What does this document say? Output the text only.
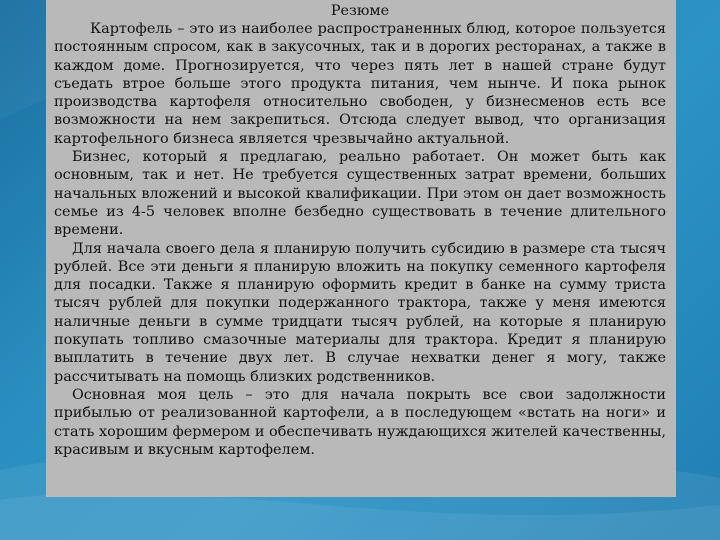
Резюме

Картофель – это из наиболее распространенных блюд, которое пользуется постоянным спросом, как в закусочных, так и в дорогих ресторанах, а также в каждом доме. Прогнозируется, что через пять лет в нашей стране будут съедать втрое больше этого продукта питания, чем нынче. И пока рынок производства картофеля относительно свободен, у бизнесменов есть все возможности на нем закрепиться. Отсюда следует вывод, что организация картофельного бизнеса является чрезвычайно актуальной.

Бизнес, который я предлагаю, реально работает. Он может быть как основным, так и нет. Не требуется существенных затрат времени, больших начальных вложений и высокой квалификации. При этом он дает возможность семье из 4-5 человек вполне безбедно существовать в течение длительного времени.

Для начала своего дела я планирую получить субсидию в размере ста тысяч рублей. Все эти деньги я планирую вложить на покупку семенного картофеля для посадки. Также я планирую оформить кредит в банке на сумму триста тысяч рублей для покупки подержанного трактора, также у меня имеются наличные деньги в сумме тридцати тысяч рублей, на которые я планирую покупать топливо смазочные материалы для трактора. Кредит я планирую выплатить в течение двух лет. В случае нехватки денег я могу, также рассчитывать на помощь близких родственников.

Основная моя цель – это для начала покрыть все свои задолжности прибылью от реализованной картофели, а в последующем «встать на ноги» и стать хорошим фермером и обеспечивать нуждающихся жителей качественны, красивым и вкусным картофелем.
